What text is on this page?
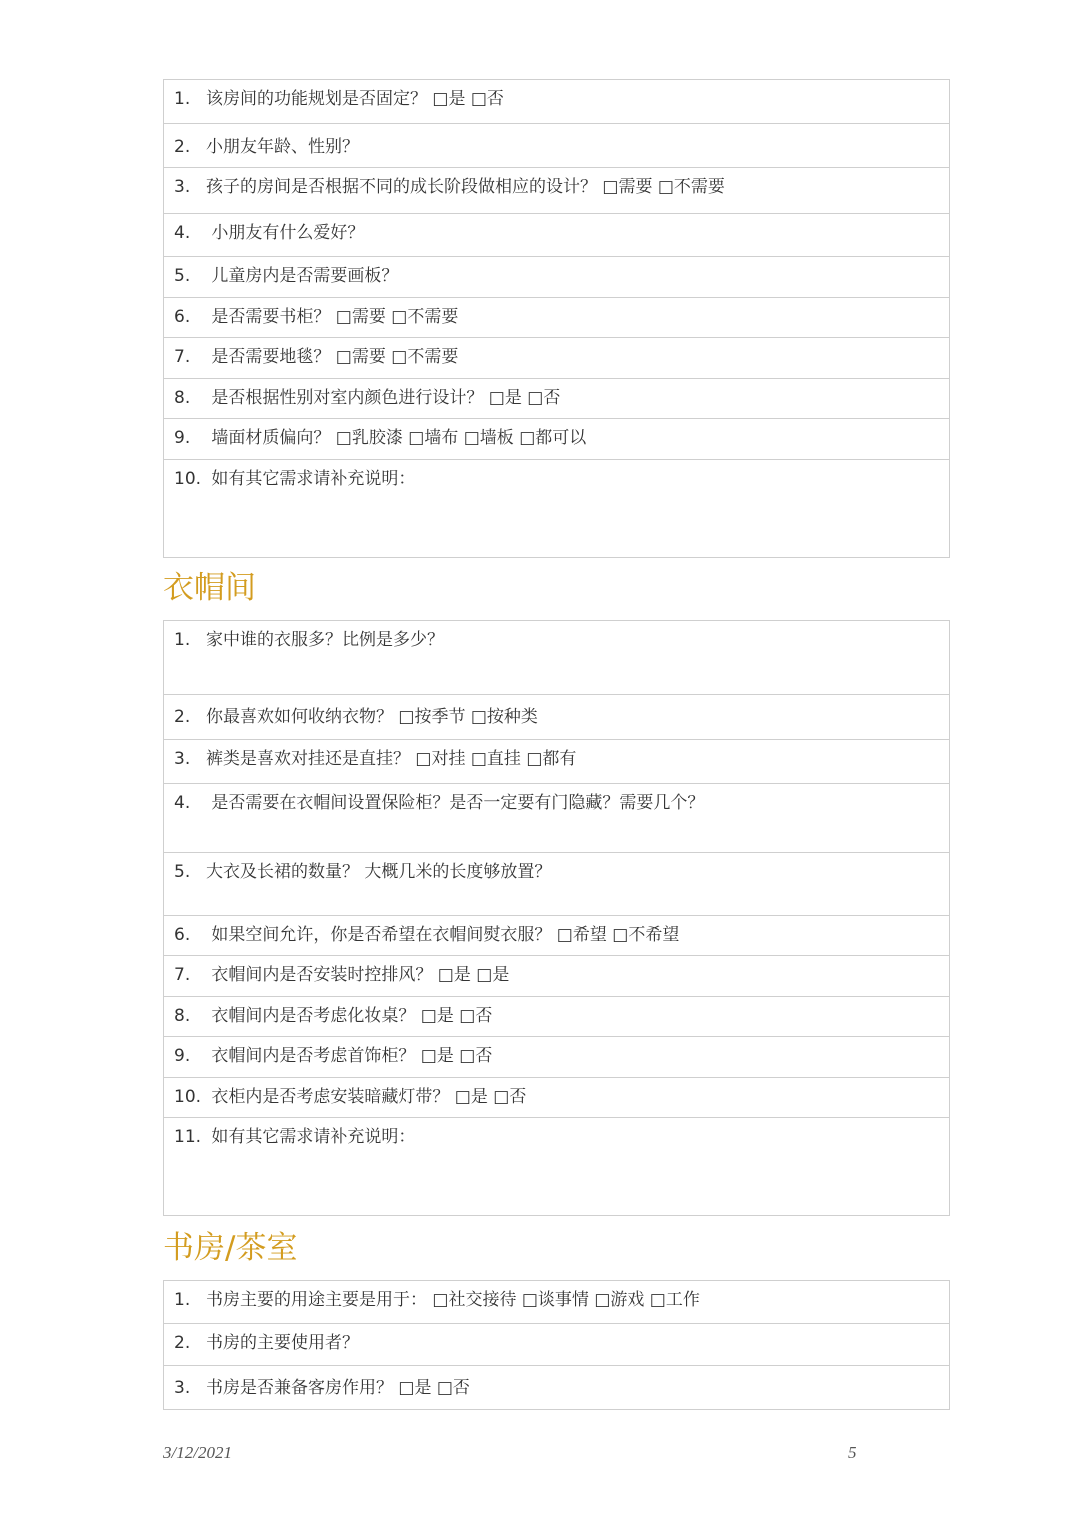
1. 该房间的功能规划是否固定？ □是 □否
2. 小朋友年龄、性别？
3. 孩子的房间是否根据不同的成长阶段做相应的设计？ □需要 □不需要
4. 小朋友有什么爱好？
5. 儿童房内是否需要画板？
6. 是否需要书柜？ □需要 □不需要
7. 是否需要地毯？ □需要 □不需要
8. 是否根据性别对室内颜色进行设计？ □是 □否
9. 墙面材质偏向？ □乳胶漆 □墙布 □墙板 □都可以
10. 如有其它需求请补充说明：
衣帽间
1. 家中谁的衣服多？比例是多少？
2. 你最喜欢如何收纳衣物？ □按季节 □按种类
3. 裤类是喜欢对挂还是直挂？ □对挂 □直挂 □都有
4. 是否需要在衣帽间设置保险柜？是否一定要有门隐藏？需要几个？
5. 大衣及长裙的数量？ 大概几米的长度够放置？
6. 如果空间允许，你是否希望在衣帽间熨衣服？ □希望 □不希望
7. 衣帽间内是否安装时控排风？ □是 □是
8. 衣帽间内是否考虑化妆桌？ □是 □否
9. 衣帽间内是否考虑首饰柜？ □是 □否
10. 衣柜内是否考虑安装暗藏灯带？ □是 □否
11. 如有其它需求请补充说明：
书房/茶室
1. 书房主要的用途主要是用于： □社交接待 □谈事情 □游戏 □工作
2. 书房的主要使用者？
3. 书房是否兼备客房作用？ □是 □否
3/12/2021	5
